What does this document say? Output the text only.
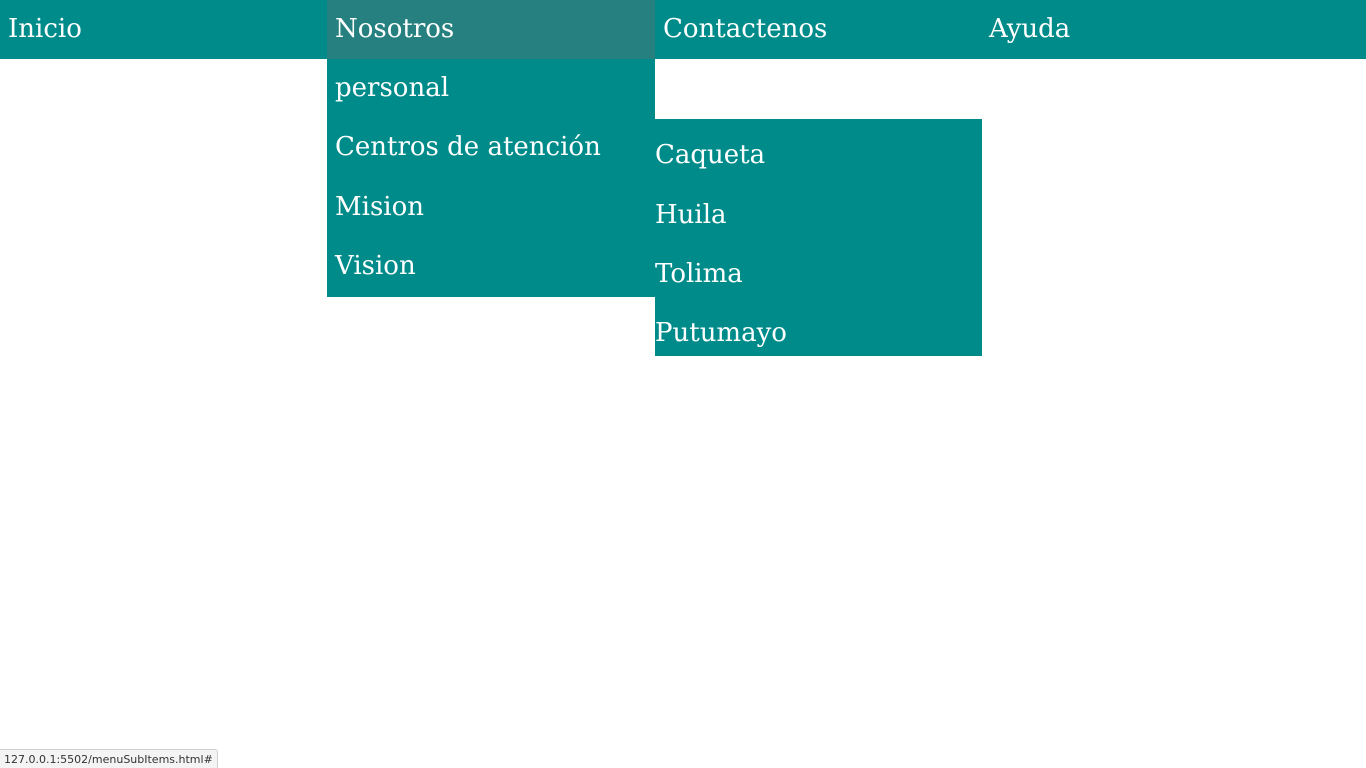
Inicio	Nosotros	Contactenos	Ayuda
personal
Centros de atención
Mision
Vision
Caqueta
Huila
Tolima
Putumayo
127.0.0.1:5502/menuSubItems.html#
